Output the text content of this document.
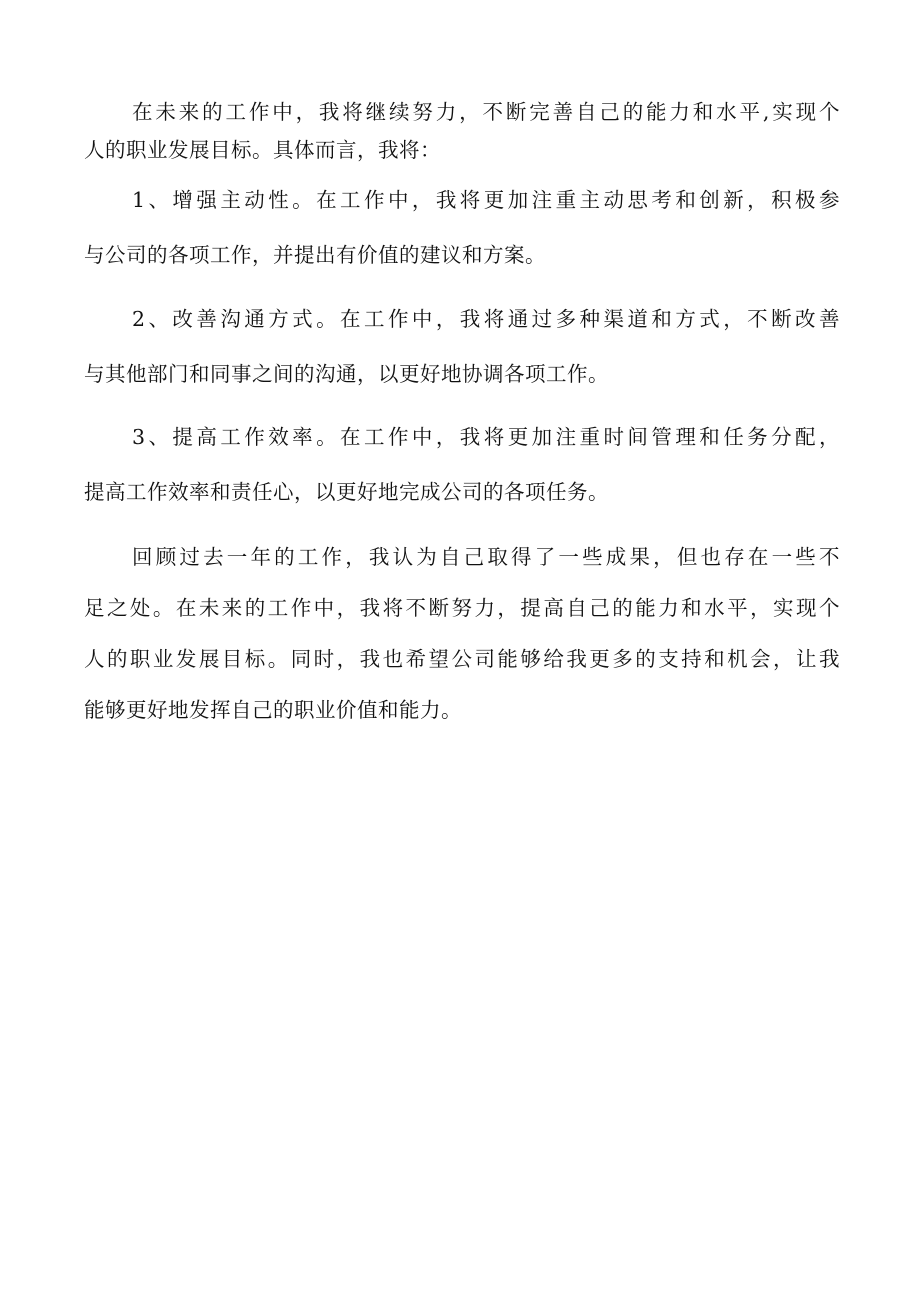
在未来的工作中，我将继续努力，不断完善自己的能力和水平,实现个
人的职业发展目标。具体而言，我将：
1、增强主动性。在工作中，我将更加注重主动思考和创新，积极参
与公司的各项工作，并提出有价值的建议和方案。
2、改善沟通方式。在工作中，我将通过多种渠道和方式，不断改善
与其他部门和同事之间的沟通，以更好地协调各项工作。
3、提高工作效率。在工作中，我将更加注重时间管理和任务分配，
提高工作效率和责任心，以更好地完成公司的各项任务。
回顾过去一年的工作，我认为自己取得了一些成果，但也存在一些不
足之处。在未来的工作中，我将不断努力，提高自己的能力和水平，实现个
人的职业发展目标。同时，我也希望公司能够给我更多的支持和机会，让我
能够更好地发挥自己的职业价值和能力。
